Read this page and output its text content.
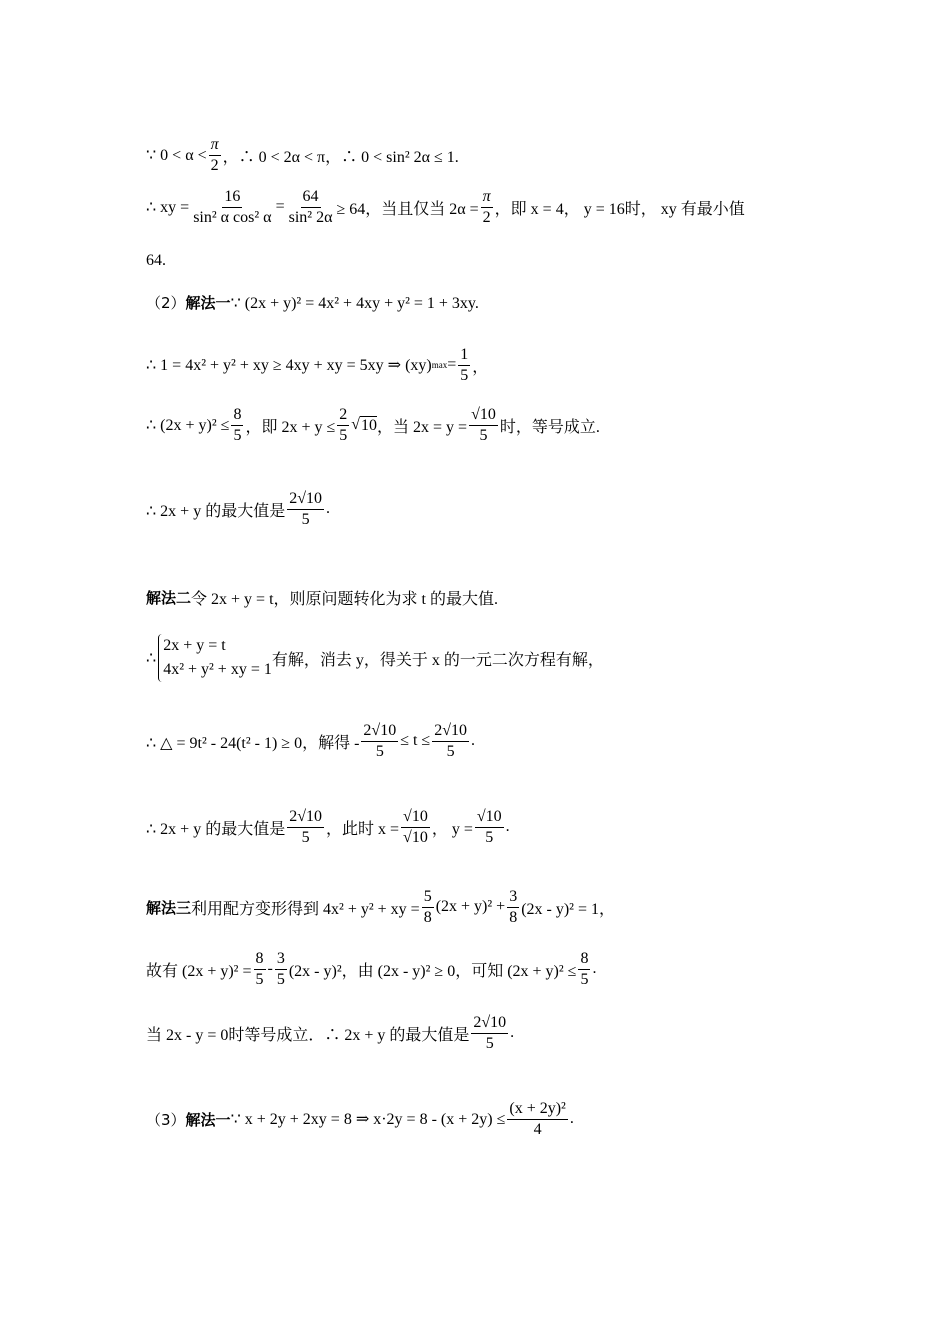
∵ $0 < \alpha < \frac{\pi}{2}$ ，∴ 0 < 2α < π，∴ 0 < sin² 2α ≤ 1.
∴ xy = $\frac{16}{\text{sin² α cos² α}} = \frac{64}{\text{sin² 2α}} \ge 64$，当且仅当 $2\alpha = \frac{\pi}{2}$ ，即 x = 4， y = 16时， xy 有最小值
64.
（2） 解法一 ∵ (2x + y)² = 4x² + 4xy + y² = 1 + 3xy.
∴ 1 = 4x² + y² + xy ≥ 4xy + xy = 5xy ⇒ (xy) $\max = \frac{1}{5}$ ，
∴ $(2x + y)^2 \le \frac{8}{5}$ ，即 $2x + y \le \frac{2}{5}$ √ 10 ，当 $2x = y = \frac{√10}{5}$ 时，等号成立.
∴ 2x + y 的最大值是 $\frac{2√10}{5}$ .
解法二 令 2x + y = t，则原问题转化为求 t 的最大值.
∴
2x + y = t
4x² + y² + xy = 1
有解，消去 y，得关于 x 的一元二次方程有解，
∴ △ = 9t² - 24(t² - 1) ≥ 0，解得 - $\frac{2√10}{5} \le t \le \frac{2√10}{5}$ .
∴ 2x + y 的最大值是 $\frac{2√10}{5}$ ，此时 $x = \frac{√10}{√10}$ ， $y = \frac{√10}{5}$ .
解法三 利用配方变形得到 4x² + y² + xy = $\frac{5}{8} (2x + y)^2 + \frac{3}{8} (2x - y)^2 = 1$，
故有 $(2x + y)^2 = \frac{8}{5} - \frac{3}{5} (2x - y)^2$，由 (2x - y)² ≥ 0，可知 $(2x + y)^2 \le \frac{8}{5}$ .
当 2x - y = 0时等号成立．∴ 2x + y 的最大值是 $\frac{2√10}{5}$ .
（3） 解法一 ∵ x + 2y + 2xy = 8 ⇒ $x\cdot 2y = 8 - (x + 2y) \le \frac{\text{(x + 2y)²}}{4}$ .
